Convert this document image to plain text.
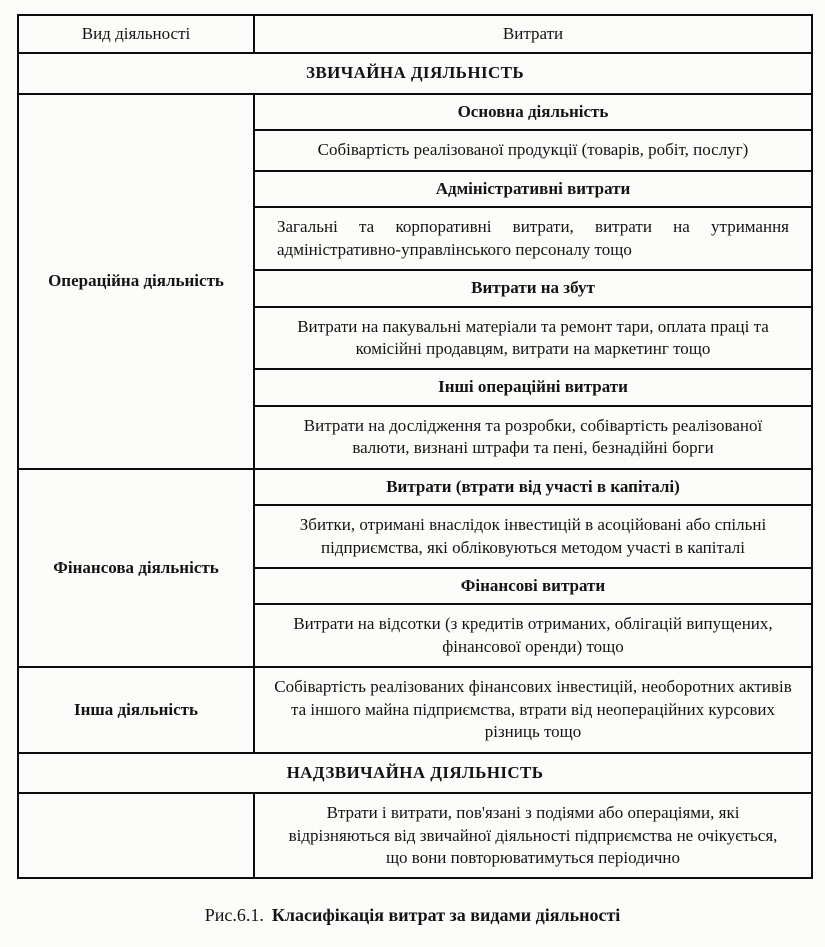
Вид діяльності	Витрати
ЗВИЧАЙНА ДІЯЛЬНІСТЬ	
Операційна діяльність	Основна діяльність
	Собівартість реалізованої продукції (товарів, робіт, послуг)
	Адміністративні витрати
	Загальні та корпоративні витрати, витрати на утримання адміністративно-управлінського персоналу тощо
	Витрати на збут
	Витрати на пакувальні матеріали та ремонт тари, оплата праці та комісійні продавцям, витрати на маркетинг тощо
	Інші операційні витрати
	Витрати на дослідження та розробки, собівартість реалізованої валюти, визнані штрафи та пені, безнадійні борги
Фінансова діяльність	Витрати (втрати від участі в капіталі)
	Збитки, отримані внаслідок інвестицій в асоційовані або спільні підприємства, які обліковуються методом участі в капіталі
	Фінансові витрати
	Витрати на відсотки (з кредитів отриманих, облігацій випущених, фінансової оренди) тощо
Інша діяльність	Собівартість реалізованих фінансових інвестицій, необоротних активів та іншого майна підприємства, втрати від неопераційних курсових різниць тощо
НАДЗВИЧАЙНА ДІЯЛЬНІСТЬ	
	Втрати і витрати, пов'язані з подіями або операціями, які відрізняються від звичайної діяльності підприємства не очікується, що вони повторюватимуться періодично
Рис.6.1. Класифікація витрат за видами діяльності
